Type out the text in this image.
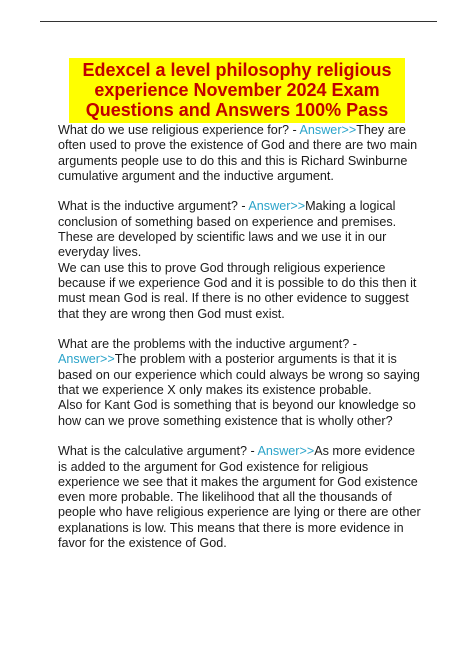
Edexcel a level philosophy religious experience November 2024 Exam Questions and Answers 100% Pass

What do we use religious experience for? - Answer>>They are often used to prove the existence of God and there are two main arguments people use to do this and this is Richard Swinburne cumulative argument and the inductive argument.

What is the inductive argument? - Answer>>Making a logical conclusion of something based on experience and premises. These are developed by scientific laws and we use it in our everyday lives.
We can use this to prove God through religious experience because if we experience God and it is possible to do this then it must mean God is real. If there is no other evidence to suggest that they are wrong then God must exist.

What are the problems with the inductive argument? - Answer>>The problem with a posterior arguments is that it is based on our experience which could always be wrong so saying that we experience X only makes its existence probable.
Also for Kant God is something that is beyond our knowledge so how can we prove something existence that is wholly other?

What is the calculative argument? - Answer>>As more evidence is added to the argument for God existence for religious experience we see that it makes the argument for God existence even more probable. The likelihood that all the thousands of people who have religious experience are lying or there are other explanations is low. This means that there is more evidence in favor for the existence of God.
